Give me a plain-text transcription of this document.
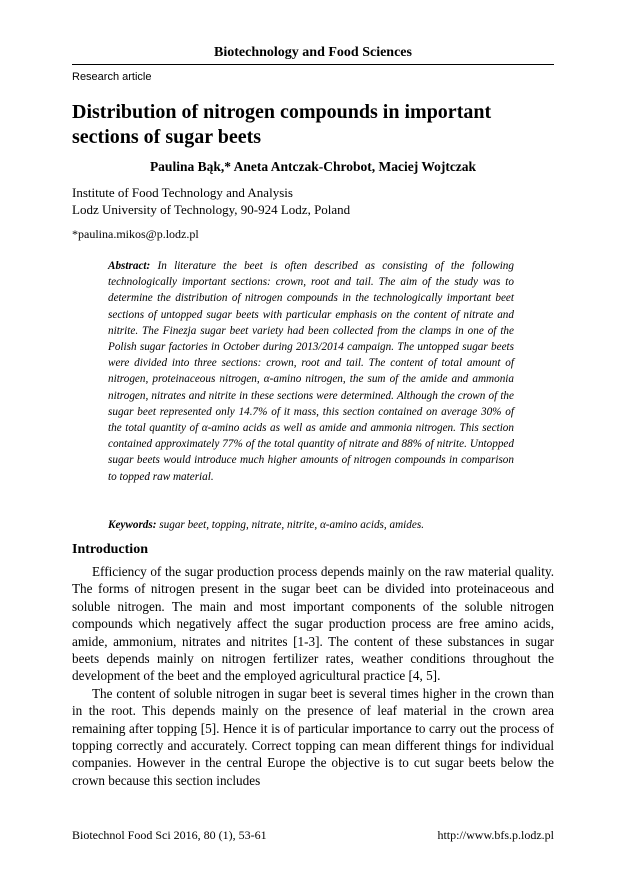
Biotechnology and Food Sciences
Research article
Distribution of nitrogen compounds in important sections of sugar beets
Paulina Bąk,* Aneta Antczak-Chrobot, Maciej Wojtczak
Institute of Food Technology and Analysis
Lodz University of Technology, 90-924 Lodz, Poland
*paulina.mikos@p.lodz.pl

Abstract: In literature the beet is often described as consisting of the following technologically important sections: crown, root and tail. The aim of the study was to determine the distribution of nitrogen compounds in the technologically important beet sections of untopped sugar beets with particular emphasis on the content of nitrate and nitrite. The Finezja sugar beet variety had been collected from the clamps in one of the Polish sugar factories in October during 2013/2014 campaign. The untopped sugar beets were divided into three sections: crown, root and tail. The content of total amount of nitrogen, proteinaceous nitrogen, α-amino nitrogen, the sum of the amide and ammonia nitrogen, nitrates and nitrite in these sections were determined. Although the crown of the sugar beet represented only 14.7% of it mass, this section contained on average 30% of the total quantity of α-amino acids as well as amide and ammonia nitrogen. This section contained approximately 77% of the total quantity of nitrate and 88% of nitrite. Untopped sugar beets would introduce much higher amounts of nitrogen compounds in comparison to topped raw material.

Keywords: sugar beet, topping, nitrate, nitrite, α-amino acids, amides.
Introduction

Efficiency of the sugar production process depends mainly on the raw material quality. The forms of nitrogen present in the sugar beet can be divided into proteinaceous and soluble nitrogen. The main and most important components of the soluble nitrogen compounds which negatively affect the sugar production process are free amino acids, amide, ammonium, nitrates and nitrites [1-3]. The content of these substances in sugar beets depends mainly on nitrogen fertilizer rates, weather conditions throughout the development of the beet and the employed agricultural practice [4, 5].

The content of soluble nitrogen in sugar beet is several times higher in the crown than in the root. This depends mainly on the presence of leaf material in the crown area remaining after topping [5]. Hence it is of particular importance to carry out the process of topping correctly and accurately. Correct topping can mean different things for individual companies. However in the central Europe the objective is to cut sugar beets below the crown because this section includes

Biotechnol Food Sci 2016, 80 (1), 53-61	http://www.bfs.p.lodz.pl
